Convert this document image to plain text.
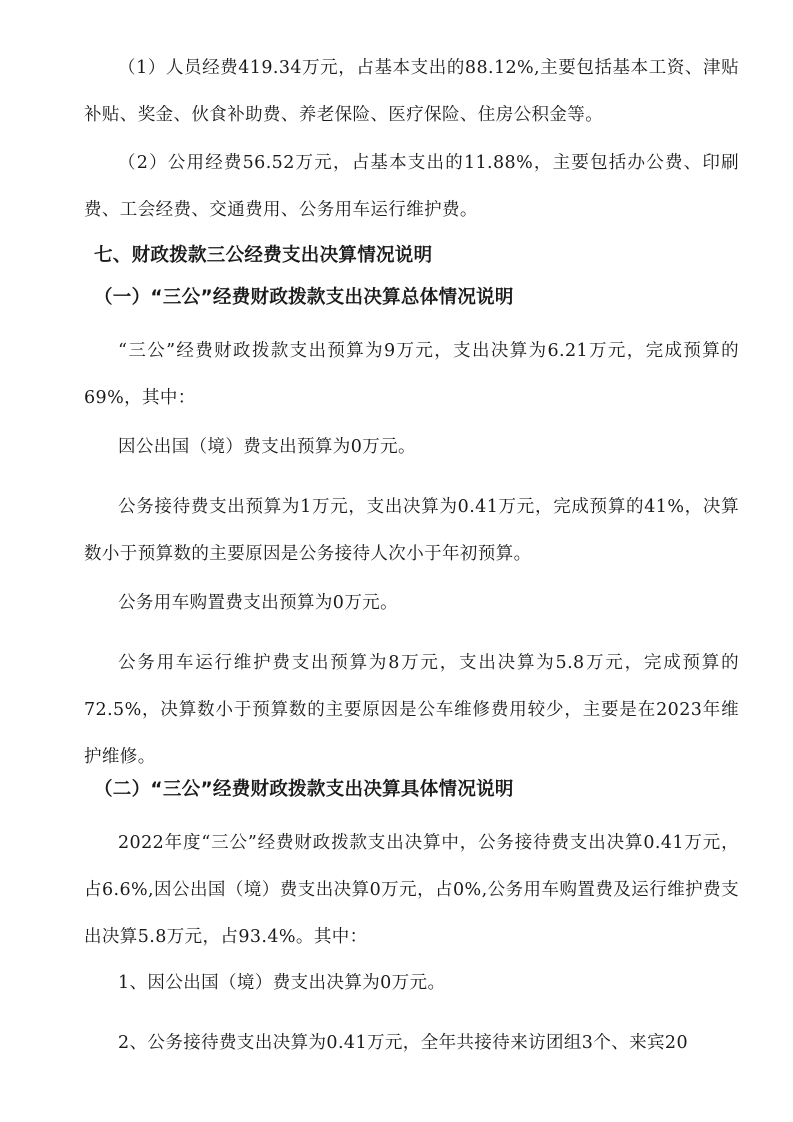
（1）人员经费419.34万元，占基本支出的88.12%,主要包括基本工资、津贴补贴、奖金、伙食补助费、养老保险、医疗保险、住房公积金等。

（2）公用经费56.52万元，占基本支出的11.88%，主要包括办公费、印刷费、工会经费、交通费用、公务用车运行维护费。

七、财政拨款三公经费支出决算情况说明

（一）“三公”经费财政拨款支出决算总体情况说明

“三公”经费财政拨款支出预算为9万元，支出决算为6.21万元，完成预算的69%，其中：

因公出国（境）费支出预算为0万元。

公务接待费支出预算为1万元，支出决算为0.41万元，完成预算的41%，决算数小于预算数的主要原因是公务接待人次小于年初预算。

公务用车购置费支出预算为0万元。

公务用车运行维护费支出预算为8万元，支出决算为5.8万元，完成预算的72.5%，决算数小于预算数的主要原因是公车维修费用较少，主要是在2023年维护维修。

（二）“三公”经费财政拨款支出决算具体情况说明

2022年度“三公”经费财政拨款支出决算中，公务接待费支出决算0.41万元，占6.6%,因公出国（境）费支出决算0万元，占0%,公务用车购置费及运行维护费支出决算5.8万元，占93.4%。其中：

1、因公出国（境）费支出决算为0万元。

2、公务接待费支出决算为0.41万元，全年共接待来访团组3个、来宾20
